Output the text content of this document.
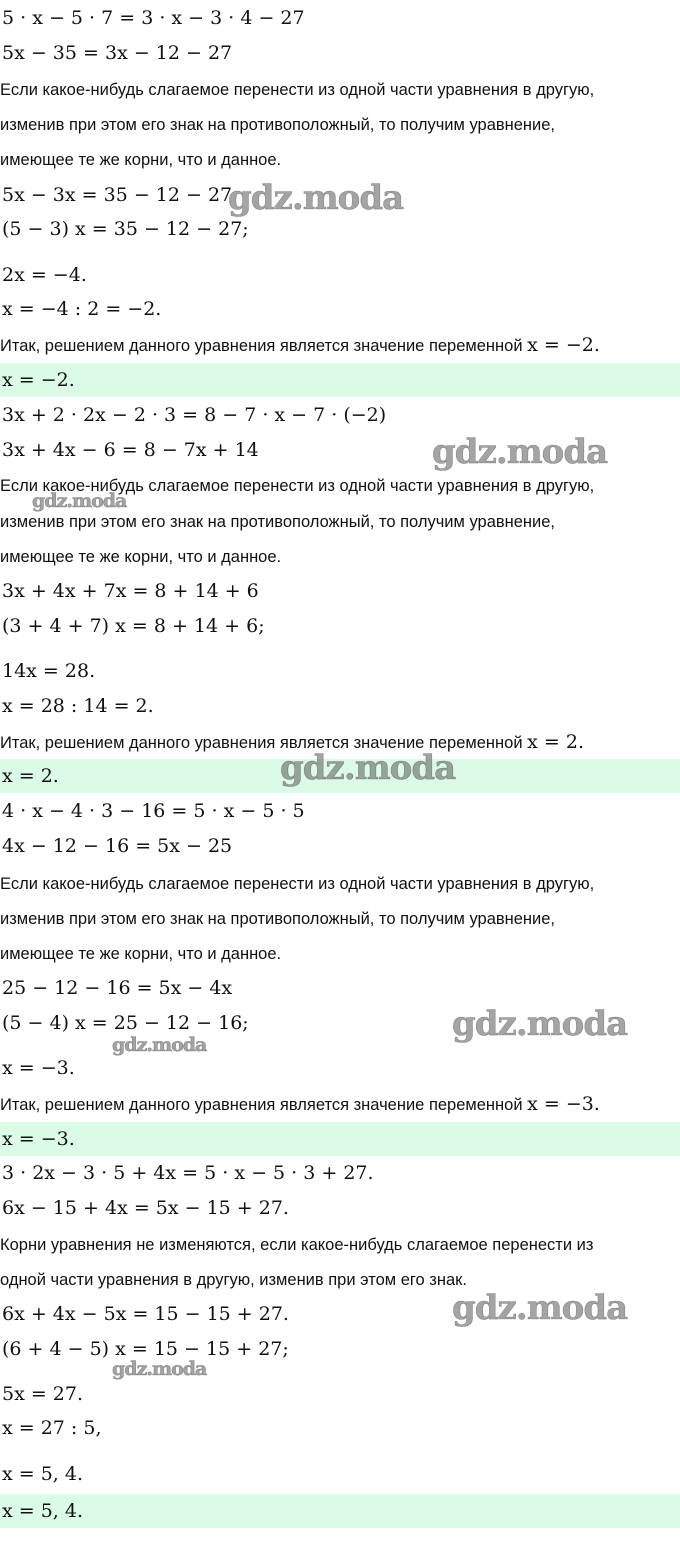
5 · x − 5 · 7 = 3 · x − 3 · 4 − 27
5x − 35 = 3x − 12 − 27
Если какое-нибудь слагаемое перенести из одной части уравнения в другую,
изменив при этом его знак на противоположный, то получим уравнение,
имеющее те же корни, что и данное.
5x − 3x = 35 − 12 − 27
(5 − 3) x = 35 − 12 − 27;
2x = −4.
x = −4 : 2 = −2.
Итак, решением данного уравнения является значение переменной x = −2.
x = −2.
3x + 2 · 2x − 2 · 3 = 8 − 7 · x − 7 · (−2)
3x + 4x − 6 = 8 − 7x + 14
Если какое-нибудь слагаемое перенести из одной части уравнения в другую,
изменив при этом его знак на противоположный, то получим уравнение,
имеющее те же корни, что и данное.
3x + 4x + 7x = 8 + 14 + 6
(3 + 4 + 7) x = 8 + 14 + 6;
14x = 28.
x = 28 : 14 = 2.
Итак, решением данного уравнения является значение переменной x = 2.
x = 2.
4 · x − 4 · 3 − 16 = 5 · x − 5 · 5
4x − 12 − 16 = 5x − 25
Если какое-нибудь слагаемое перенести из одной части уравнения в другую,
изменив при этом его знак на противоположный, то получим уравнение,
имеющее те же корни, что и данное.
25 − 12 − 16 = 5x − 4x
(5 − 4) x = 25 − 12 − 16;
x = −3.
Итак, решением данного уравнения является значение переменной x = −3.
x = −3.
3 · 2x − 3 · 5 + 4x = 5 · x − 5 · 3 + 27.
6x − 15 + 4x = 5x − 15 + 27.
Корни уравнения не изменяются, если какое-нибудь слагаемое перенести из
одной части уравнения в другую, изменив при этом его знак.
6x + 4x − 5x = 15 − 15 + 27.
(6 + 4 − 5) x = 15 − 15 + 27;
5x = 27.
x = 27 : 5,
x = 5, 4.
x = 5, 4.
gdz.moda
gdz.moda
gdz.moda
gdz.moda
gdz.moda
gdz.moda
gdz.moda
gdz.moda
